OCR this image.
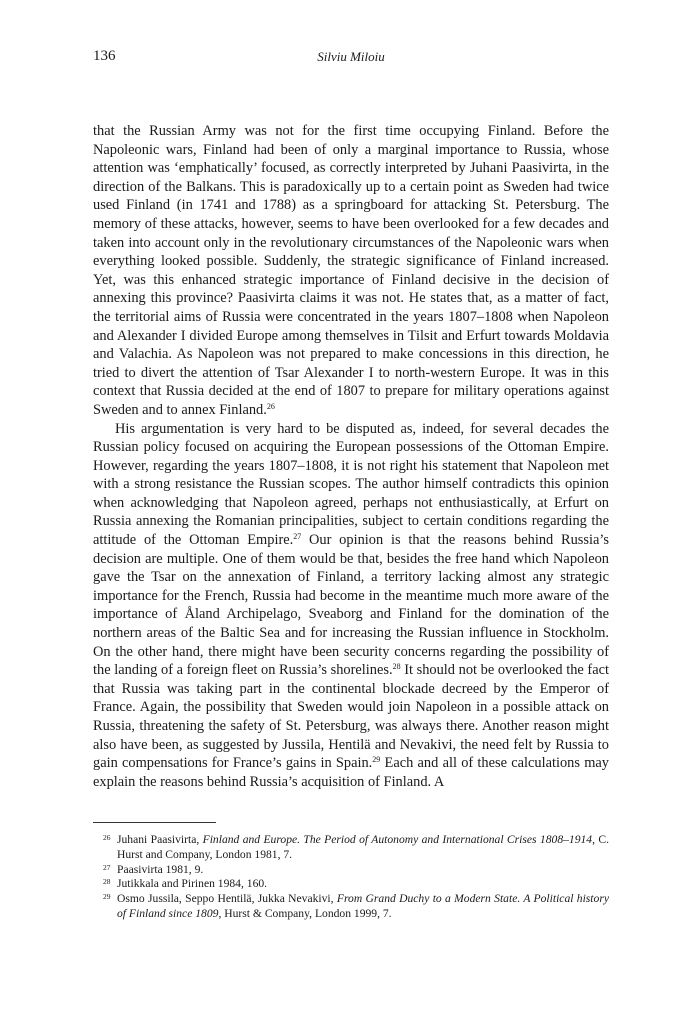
136	Silviu Miloiu

that the Russian Army was not for the first time occupying Finland. Before the Napoleonic wars, Finland had been of only a marginal importance to Russia, whose attention was ‘emphatically’ focused, as correctly interpreted by Juhani Paasivirta, in the direction of the Balkans. This is paradoxically up to a certain point as Sweden had twice used Finland (in 1741 and 1788) as a springboard for attacking St. Petersburg. The memory of these attacks, however, seems to have been overlooked for a few decades and taken into account only in the revolutionary circumstances of the Napoleonic wars when everything looked possible. Suddenly, the strategic significance of Finland increased. Yet, was this enhanced strategic importance of Finland decisive in the decision of annexing this province? Paasivirta claims it was not. He states that, as a matter of fact, the territorial aims of Russia were concentrated in the years 1807–1808 when Napoleon and Alexander I divided Europe among themselves in Tilsit and Erfurt towards Moldavia and Valachia. As Napoleon was not prepared to make concessions in this direction, he tried to divert the attention of Tsar Alexander I to north-western Europe. It was in this context that Russia decided at the end of 1807 to prepare for military operations against Sweden and to annex Finland.$^{26}$

His argumentation is very hard to be disputed as, indeed, for several decades the Russian policy focused on acquiring the European possessions of the Ottoman Empire. However, regarding the years 1807–1808, it is not right his statement that Napoleon met with a strong resistance the Russian scopes. The author himself contradicts this opinion when acknowledging that Napoleon agreed, perhaps not enthusiastically, at Erfurt on Russia annexing the Romanian principalities, subject to certain conditions regarding the attitude of the Ottoman Empire.$^{27}$ Our opinion is that the reasons behind Russia’s decision are multiple. One of them would be that, besides the free hand which Napoleon gave the Tsar on the annexation of Finland, a territory lacking almost any strategic importance for the French, Russia had become in the meantime much more aware of the importance of Åland Archipelago, Sveaborg and Finland for the domination of the northern areas of the Baltic Sea and for increasing the Russian influence in Stockholm. On the other hand, there might have been security concerns regarding the possibility of the landing of a foreign fleet on Russia’s shorelines.$^{28}$ It should not be overlooked the fact that Russia was taking part in the continental blockade decreed by the Emperor of France. Again, the possibility that Sweden would join Napoleon in a possible attack on Russia, threatening the safety of St. Petersburg, was always there. Another reason might also have been, as suggested by Jussila, Hentilä and Nevakivi, the need felt by Russia to gain compensations for France’s gains in Spain.$^{29}$ Each and all of these calculations may explain the reasons behind Russia’s acquisition of Finland. A

26 Juhani Paasivirta, Finland and Europe. The Period of Autonomy and International Crises 1808–1914, C. Hurst and Company, London 1981, 7.
27 Paasivirta 1981, 9.
28 Jutikkala and Pirinen 1984, 160.
29 Osmo Jussila, Seppo Hentilä, Jukka Nevakivi, From Grand Duchy to a Modern State. A Political history of Finland since 1809, Hurst & Company, London 1999, 7.
